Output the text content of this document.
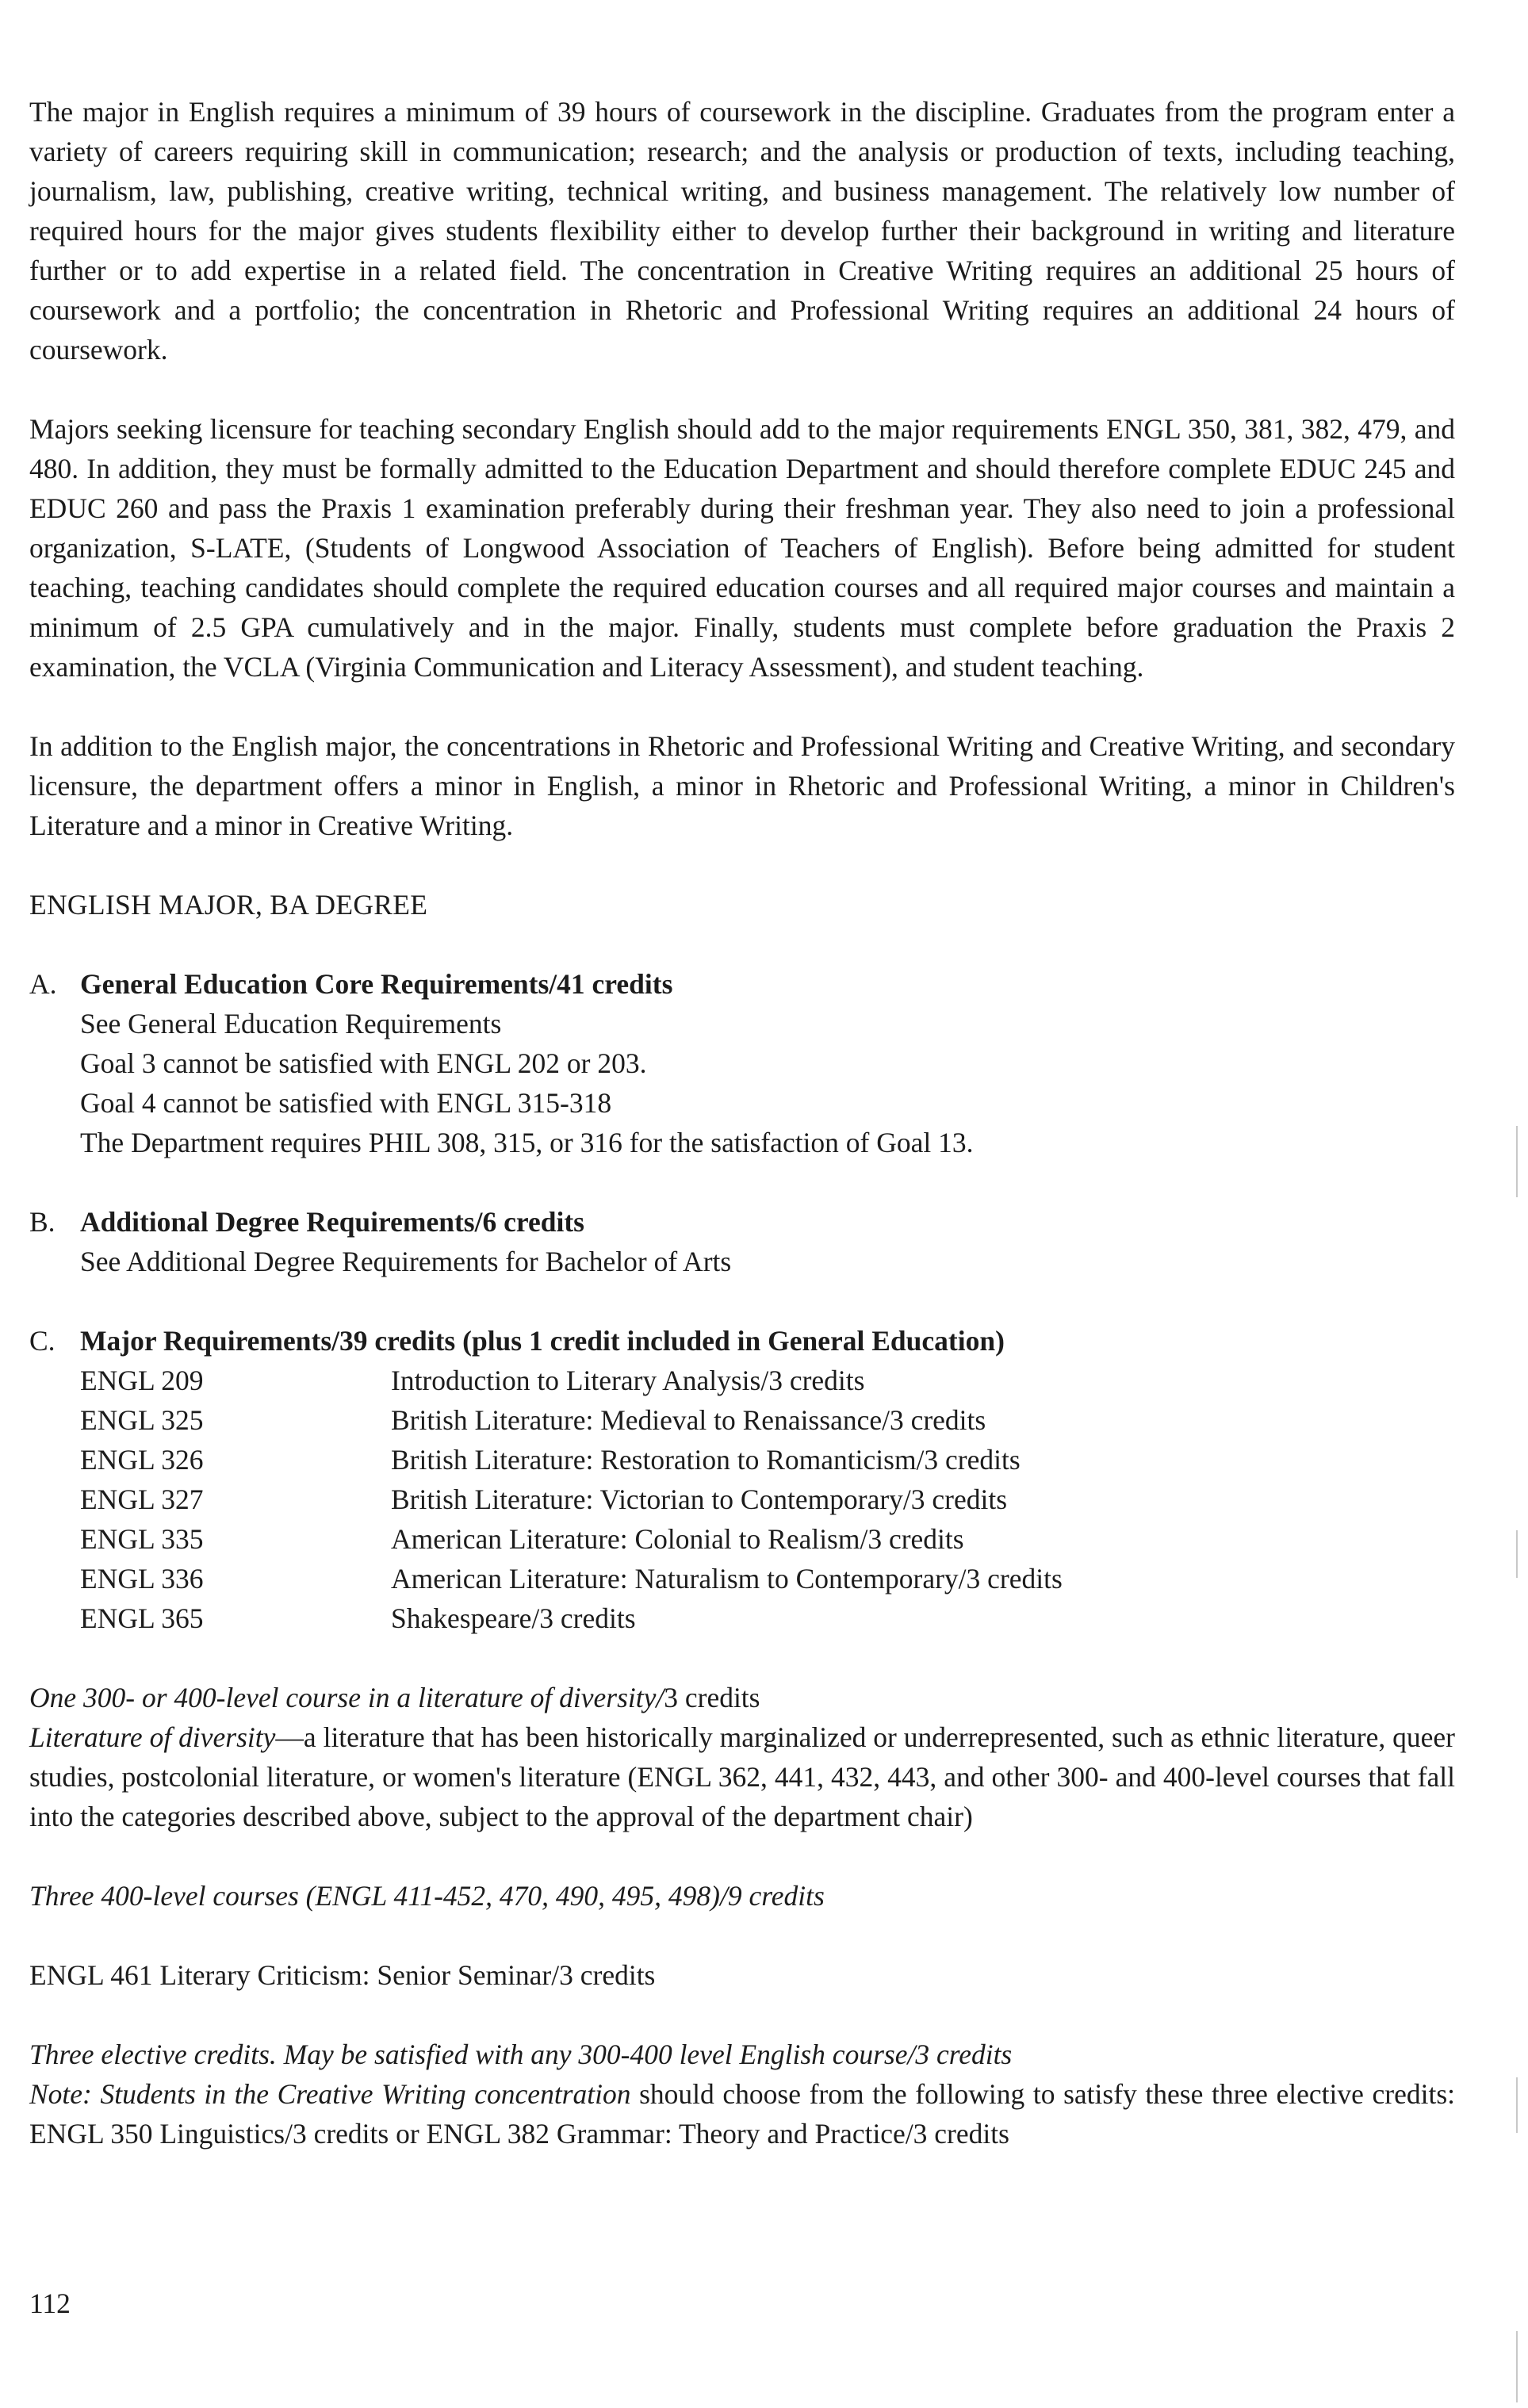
The major in English requires a minimum of 39 hours of coursework in the discipline. Graduates from the program enter a variety of careers requiring skill in communication; research; and the analysis or production of texts, including teaching, journalism, law, publishing, creative writing, technical writing, and business management. The relatively low number of required hours for the major gives students flexibility either to develop further their background in writing and literature further or to add expertise in a related field. The concentration in Creative Writing requires an additional 25 hours of coursework and a portfolio; the concentration in Rhetoric and Professional Writing requires an additional 24 hours of coursework.

Majors seeking licensure for teaching secondary English should add to the major requirements ENGL 350, 381, 382, 479, and 480. In addition, they must be formally admitted to the Education Department and should therefore complete EDUC 245 and EDUC 260 and pass the Praxis 1 examination preferably during their freshman year. They also need to join a professional organization, S-LATE, (Students of Longwood Association of Teachers of English). Before being admitted for student teaching, teaching candidates should complete the required education courses and all required major courses and maintain a minimum of 2.5 GPA cumulatively and in the major. Finally, students must complete before graduation the Praxis 2 examination, the VCLA (Virginia Communication and Literacy Assessment), and student teaching.

In addition to the English major, the concentrations in Rhetoric and Professional Writing and Creative Writing, and secondary licensure, the department offers a minor in English, a minor in Rhetoric and Professional Writing, a minor in Children's Literature and a minor in Creative Writing.

ENGLISH MAJOR, BA DEGREE
A. General Education Core Requirements/41 credits
See General Education Requirements
Goal 3 cannot be satisfied with ENGL 202 or 203.
Goal 4 cannot be satisfied with ENGL 315-318
The Department requires PHIL 308, 315, or 316 for the satisfaction of Goal 13.
B. Additional Degree Requirements/6 credits
See Additional Degree Requirements for Bachelor of Arts
C. Major Requirements/39 credits (plus 1 credit included in General Education)
ENGL 209	Introduction to Literary Analysis/3 credits
ENGL 325	British Literature: Medieval to Renaissance/3 credits
ENGL 326	British Literature: Restoration to Romanticism/3 credits
ENGL 327	British Literature: Victorian to Contemporary/3 credits
ENGL 335	American Literature: Colonial to Realism/3 credits
ENGL 336	American Literature: Naturalism to Contemporary/3 credits
ENGL 365	Shakespeare/3 credits

One 300- or 400-level course in a literature of diversity/3 credits

Literature of diversity—a literature that has been historically marginalized or underrepresented, such as ethnic literature, queer studies, postcolonial literature, or women's literature (ENGL 362, 441, 432, 443, and other 300- and 400-level courses that fall into the categories described above, subject to the approval of the department chair)

Three 400-level courses (ENGL 411-452, 470, 490, 495, 498)/9 credits

ENGL 461 Literary Criticism: Senior Seminar/3 credits

Three elective credits. May be satisfied with any 300-400 level English course/3 credits

Note: Students in the Creative Writing concentration should choose from the following to satisfy these three elective credits: ENGL 350 Linguistics/3 credits or ENGL 382 Grammar: Theory and Practice/3 credits

112
